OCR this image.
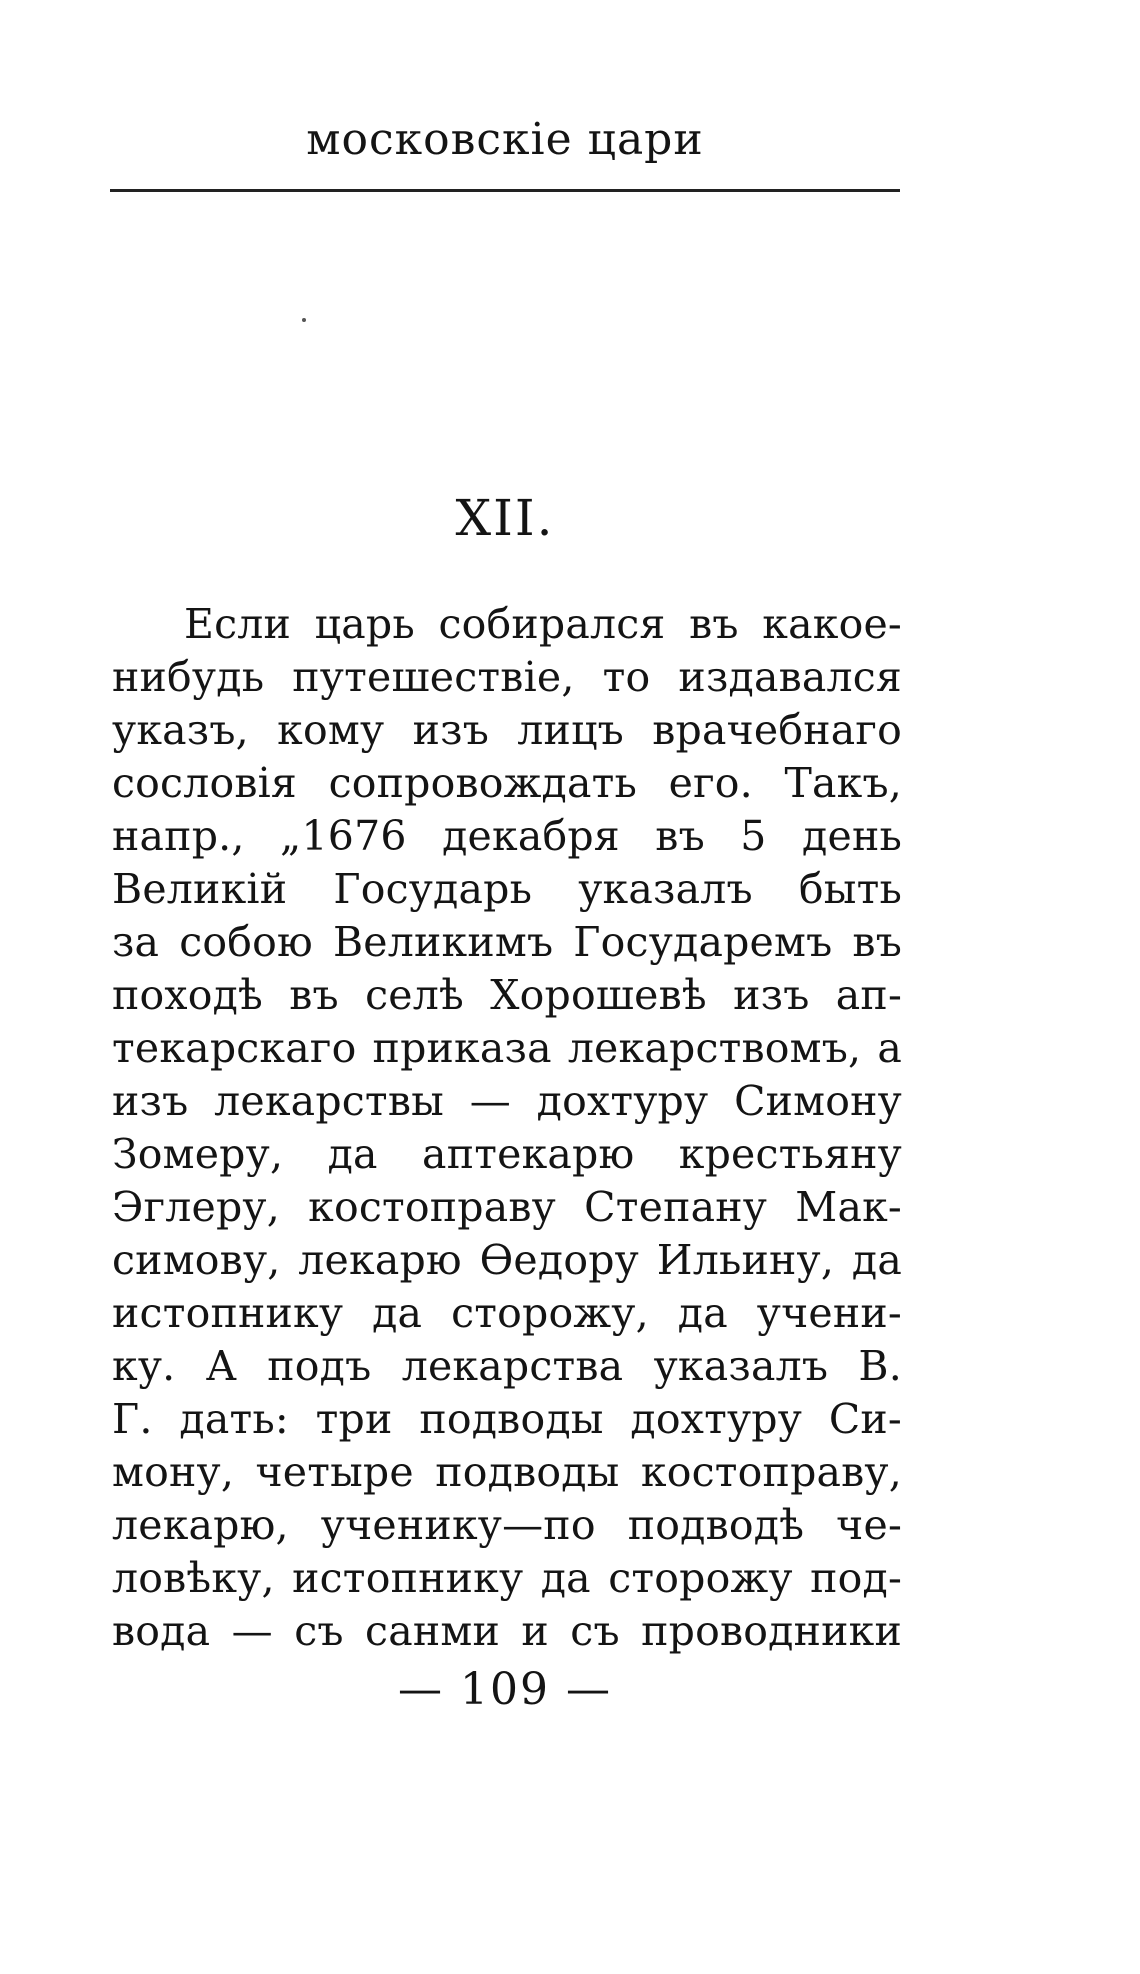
московскіе цари
XII.
Если царь собирался въ какое-
нибудь путешествіе, то издавался
указъ, кому изъ лицъ врачебнаго
сословія сопровождать его. Такъ,
напр., „1676 декабря въ 5 день
Великій Государь указалъ быть
за собою Великимъ Государемъ въ
походѣ въ селѣ Хорошевѣ изъ ап-
текарскаго приказа лекарствомъ, а
изъ лекарствы — дохтуру Симону
Зомеру, да аптекарю крестьяну
Эглеру, костоправу Степану Мак-
симову, лекарю Ѳедору Ильину, да
истопнику да сторожу, да учени-
ку. А подъ лекарства указалъ В.
Г. дать: три подводы дохтуру Си-
мону, четыре подводы костоправу,
лекарю, ученику—по подводѣ че-
ловѣку, истопнику да сторожу под-
вода — съ санми и съ проводники
— 109 —
